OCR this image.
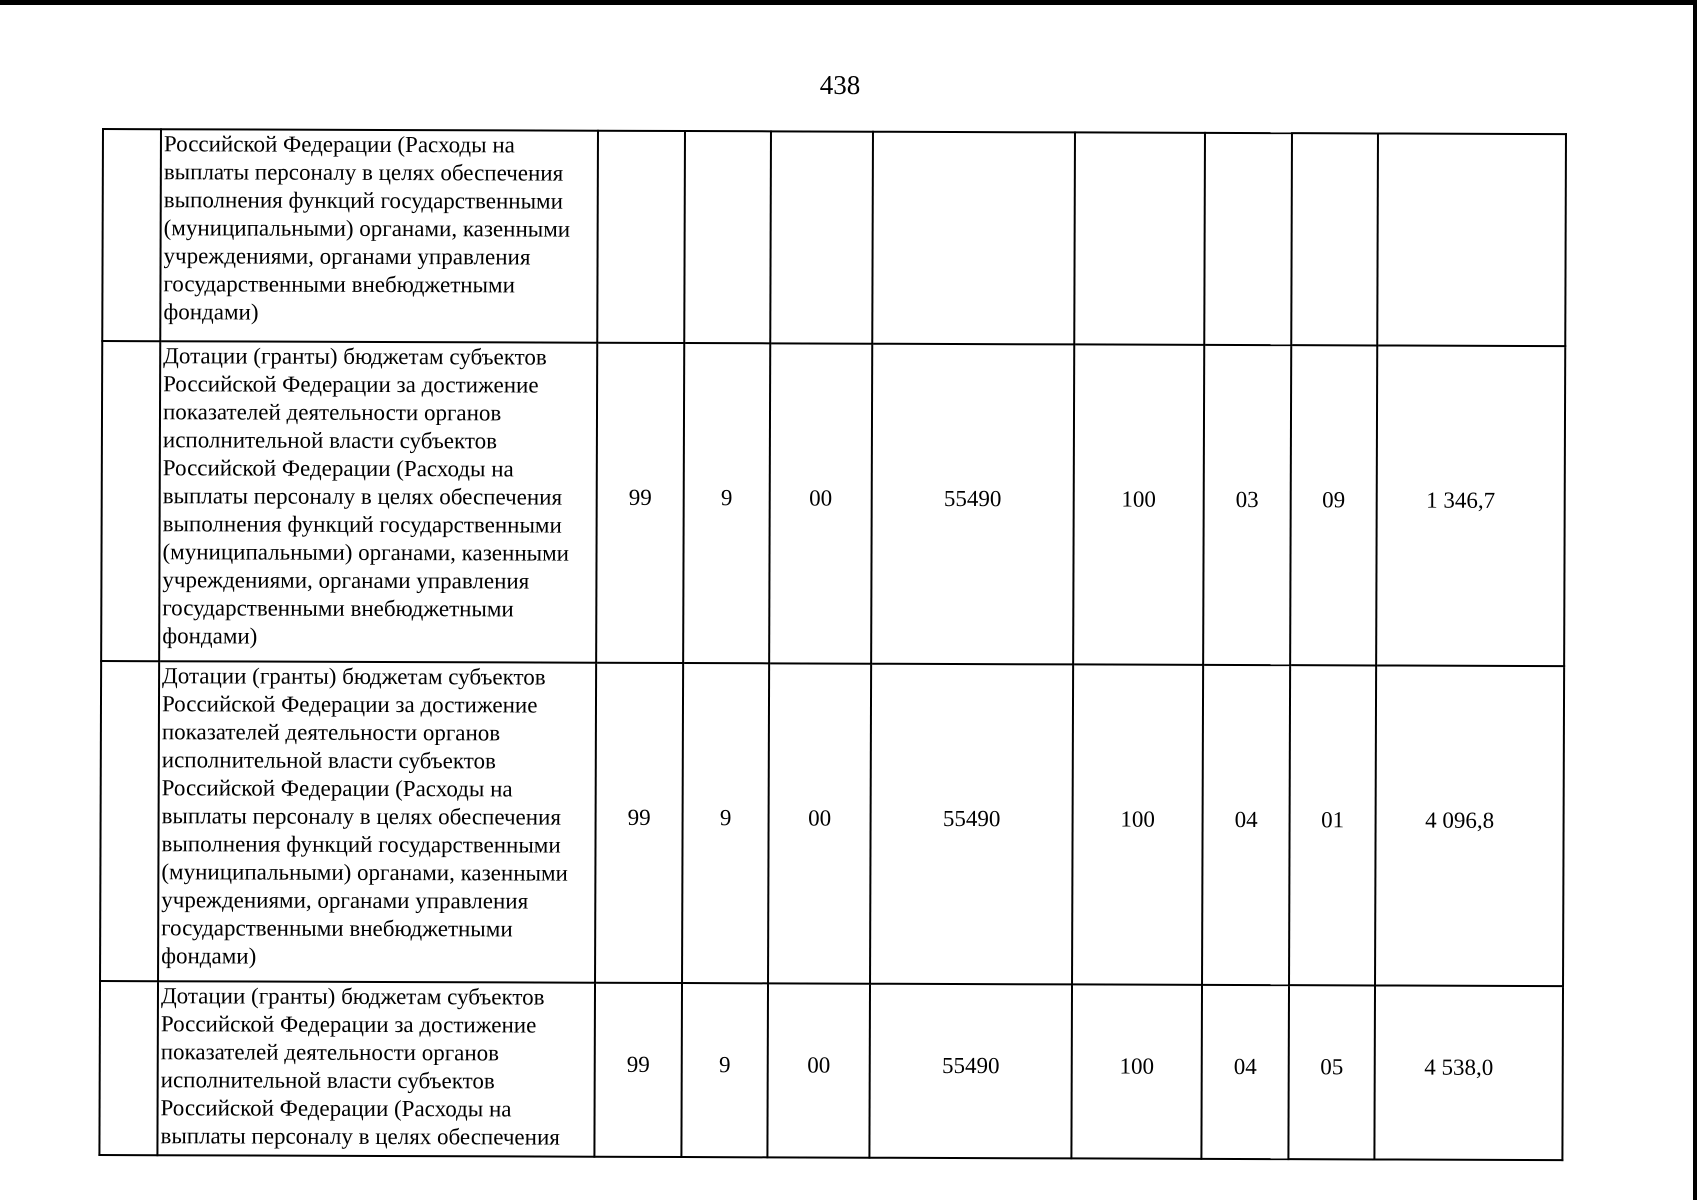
438
	Российской Федерации (Расходы на выплаты персоналу в целях обеспечения выполнения функций государственными (муниципальными) органами, казенными учреждениями, органами управления государственными внебюджетными фондами)								
	Дотации (гранты) бюджетам субъектов Российской Федерации за достижение показателей деятельности органов исполнительной власти субъектов Российской Федерации (Расходы на выплаты персоналу в целях обеспечения выполнения функций государственными (муниципальными) органами, казенными учреждениями, органами управления государственными внебюджетными фондами)	99	9	00	55490	100	03	09	1 346,7
	Дотации (гранты) бюджетам субъектов Российской Федерации за достижение показателей деятельности органов исполнительной власти субъектов Российской Федерации (Расходы на выплаты персоналу в целях обеспечения выполнения функций государственными (муниципальными) органами, казенными учреждениями, органами управления государственными внебюджетными фондами)	99	9	00	55490	100	04	01	4 096,8
	Дотации (гранты) бюджетам субъектов Российской Федерации за достижение показателей деятельности органов исполнительной власти субъектов Российской Федерации (Расходы на выплаты персоналу в целях обеспечения	99	9	00	55490	100	04	05	4 538,0
